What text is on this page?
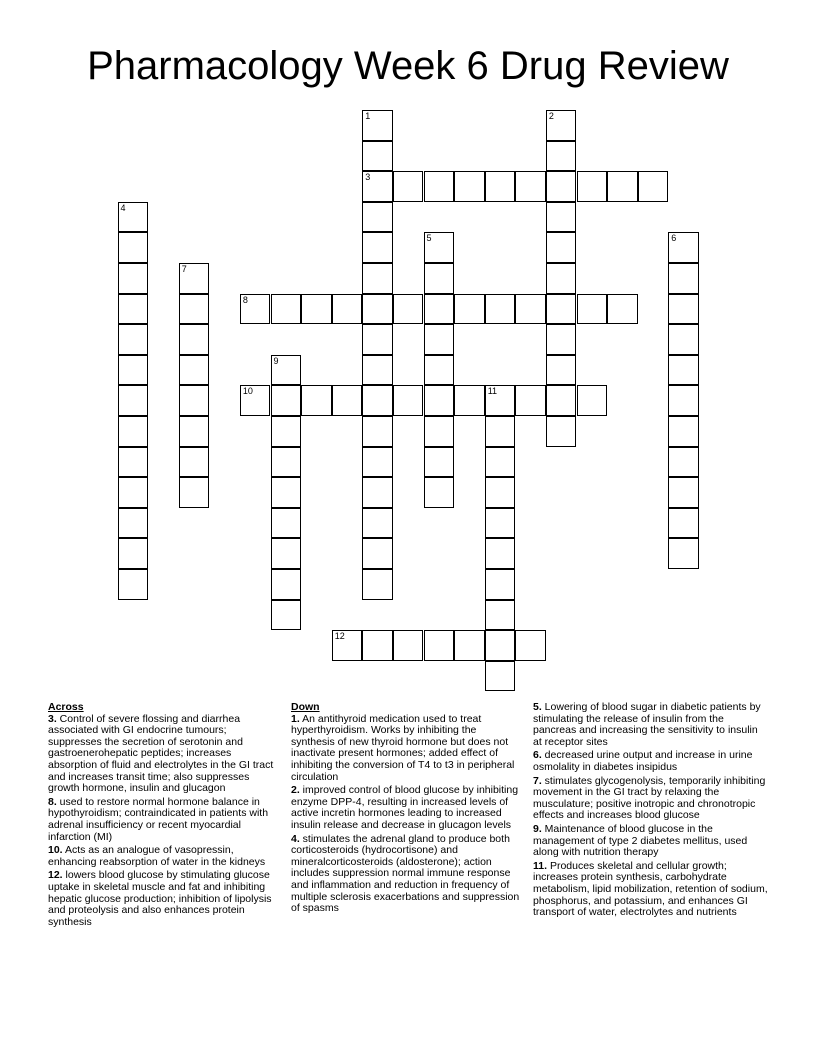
Pharmacology Week 6 Drug Review
1
3
2
4
5	6
7
8
9
10	11
12
Across
3. Control of severe flossing and diarrhea associated with GI endocrine tumours; suppresses the secretion of serotonin and gastroenerohepatic peptides; increases absorption of fluid and electrolytes in the GI tract and increases transit time; also suppresses growth hormone, insulin and glucagon
8. used to restore normal hormone balance in hypothyroidism; contraindicated in patients with adrenal insufficiency or recent myocardial infarction (MI)
10. Acts as an analogue of vasopressin, enhancing reabsorption of water in the kidneys
12. lowers blood glucose by stimulating glucose uptake in skeletal muscle and fat and inhibiting hepatic glucose production; inhibition of lipolysis and proteolysis and also enhances protein synthesis
Down
1. An antithyroid medication used to treat hyperthyroidism. Works by inhibiting the synthesis of new thyroid hormone but does not inactivate present hormones; added effect of inhibiting the conversion of T4 to t3 in peripheral circulation
2. improved control of blood glucose by inhibiting enzyme DPP-4, resulting in increased levels of active incretin hormones leading to increased insulin release and decrease in glucagon levels
4. stimulates the adrenal gland to produce both corticosteroids (hydrocortisone) and mineralcorticosteroids (aldosterone); action includes suppression normal immune response and inflammation and reduction in frequency of multiple sclerosis exacerbations and suppression of spasms
5. Lowering of blood sugar in diabetic patients by stimulating the release of insulin from the pancreas and increasing the sensitivity to insulin at receptor sites
6. decreased urine output and increase in urine osmolality in diabetes insipidus
7. stimulates glycogenolysis, temporarily inhibiting movement in the GI tract by relaxing the musculature; positive inotropic and chronotropic effects and increases blood glucose
9. Maintenance of blood glucose in the management of type 2 diabetes mellitus, used along with nutrition therapy
11. Produces skeletal and cellular growth; increases protein synthesis, carbohydrate metabolism, lipid mobilization, retention of sodium, phosphorus, and potassium, and enhances GI transport of water, electrolytes and nutrients
